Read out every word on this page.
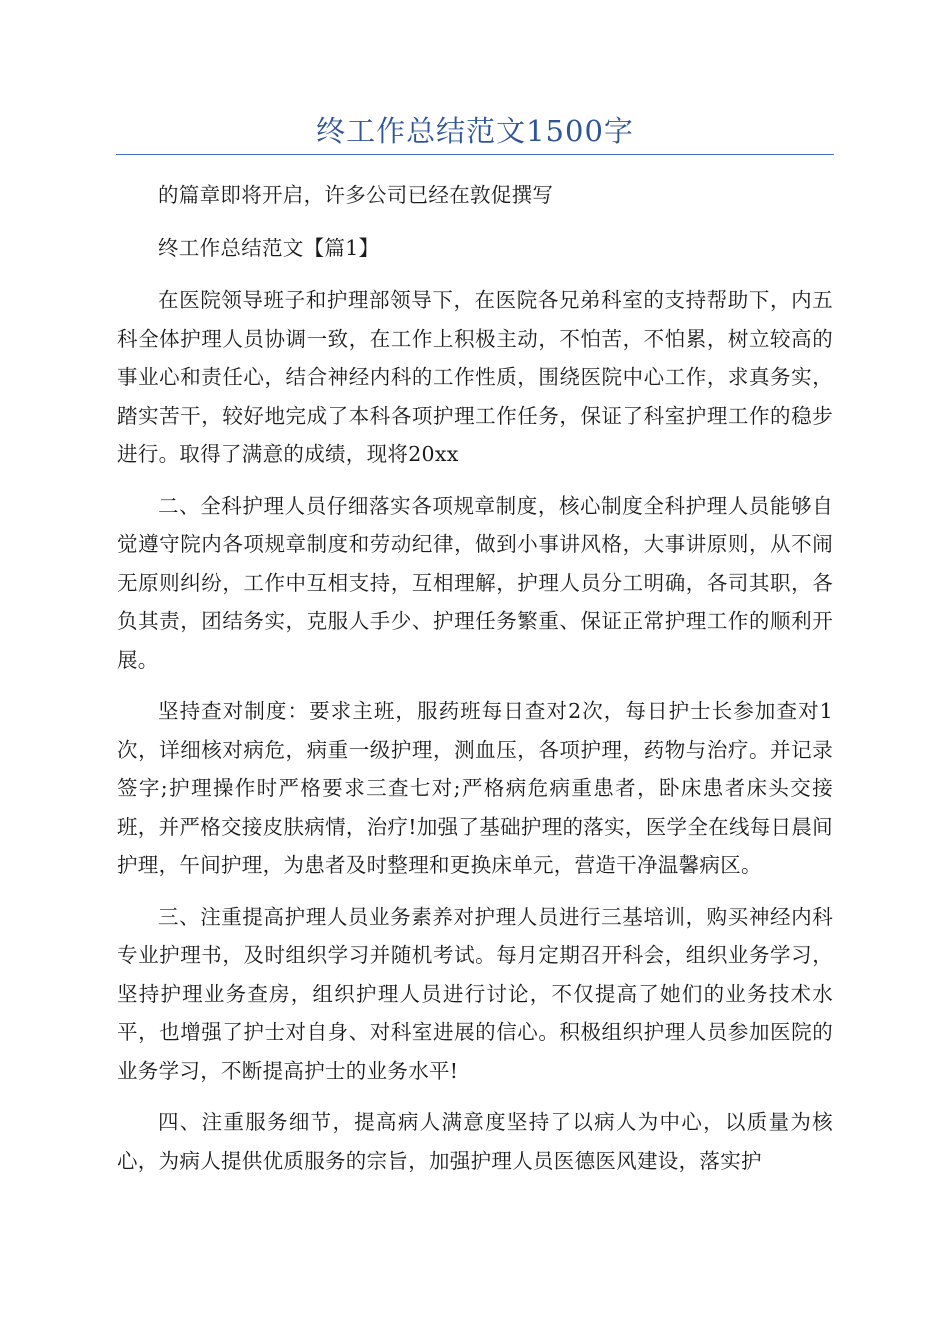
终工作总结范文1500字

的篇章即将开启，许多公司已经在敦促撰写

终工作总结范文【篇1】

在医院领导班子和护理部领导下，在医院各兄弟科室的支持帮助下，内五科全体护理人员协调一致，在工作上积极主动，不怕苦，不怕累，树立较高的事业心和责任心，结合神经内科的工作性质，围绕医院中心工作，求真务实，踏实苦干，较好地完成了本科各项护理工作任务，保证了科室护理工作的稳步进行。取得了满意的成绩，现将20xx

二、全科护理人员仔细落实各项规章制度，核心制度全科护理人员能够自觉遵守院内各项规章制度和劳动纪律，做到小事讲风格，大事讲原则，从不闹无原则纠纷，工作中互相支持，互相理解，护理人员分工明确，各司其职，各负其责，团结务实，克服人手少、护理任务繁重、保证正常护理工作的顺利开展。

坚持查对制度：要求主班，服药班每日查对2次，每日护士长参加查对1次，详细核对病危，病重一级护理，测血压，各项护理，药物与治疗。并记录签字;护理操作时严格要求三查七对;严格病危病重患者，卧床患者床头交接班，并严格交接皮肤病情，治疗!加强了基础护理的落实，医学全在线每日晨间护理，午间护理，为患者及时整理和更换床单元，营造干净温馨病区。

三、注重提高护理人员业务素养对护理人员进行三基培训，购买神经内科专业护理书，及时组织学习并随机考试。每月定期召开科会，组织业务学习，坚持护理业务查房，组织护理人员进行讨论，不仅提高了她们的业务技术水平，也增强了护士对自身、对科室进展的信心。积极组织护理人员参加医院的业务学习，不断提高护士的业务水平!

四、注重服务细节，提高病人满意度坚持了以病人为中心，以质量为核心，为病人提供优质服务的宗旨，加强护理人员医德医风建设，落实护
